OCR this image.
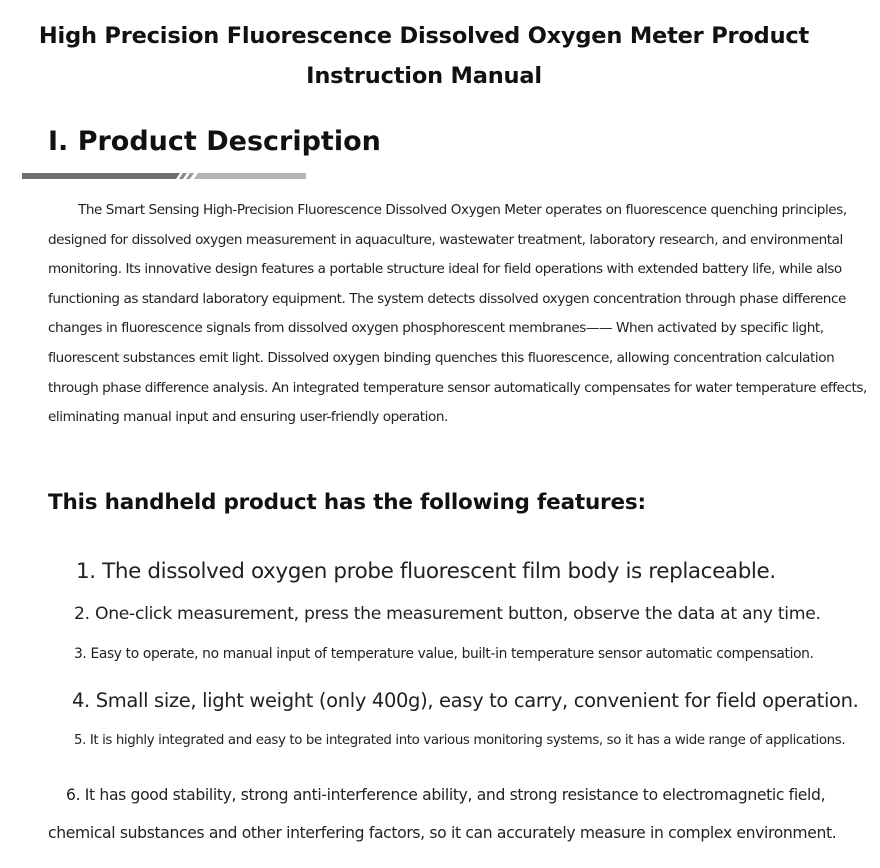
High Precision Fluorescence Dissolved Oxygen Meter Product Instruction Manual
I. Product Description

The Smart Sensing High-Precision Fluorescence Dissolved Oxygen Meter operates on fluorescence quenching principles, designed for dissolved oxygen measurement in aquaculture, wastewater treatment, laboratory research, and environmental monitoring. Its innovative design features a portable structure ideal for field operations with extended battery life, while also functioning as standard laboratory equipment. The system detects dissolved oxygen concentration through phase difference changes in fluorescence signals from dissolved oxygen phosphorescent membranes—— When activated by specific light, fluorescent substances emit light. Dissolved oxygen binding quenches this fluorescence, allowing concentration calculation through phase difference analysis. An integrated temperature sensor automatically compensates for water temperature effects, eliminating manual input and ensuring user-friendly operation.

This handheld product has the following features:

1. The dissolved oxygen probe fluorescent film body is replaceable.

2. One-click measurement, press the measurement button, observe the data at any time.

3. Easy to operate, no manual input of temperature value, built-in temperature sensor automatic compensation.

4. Small size, light weight (only 400g), easy to carry, convenient for field operation.

5. It is highly integrated and easy to be integrated into various monitoring systems, so it has a wide range of applications.

6. It has good stability, strong anti-interference ability, and strong resistance to electromagnetic field, chemical substances and other interfering factors, so it can accurately measure in complex environment.
